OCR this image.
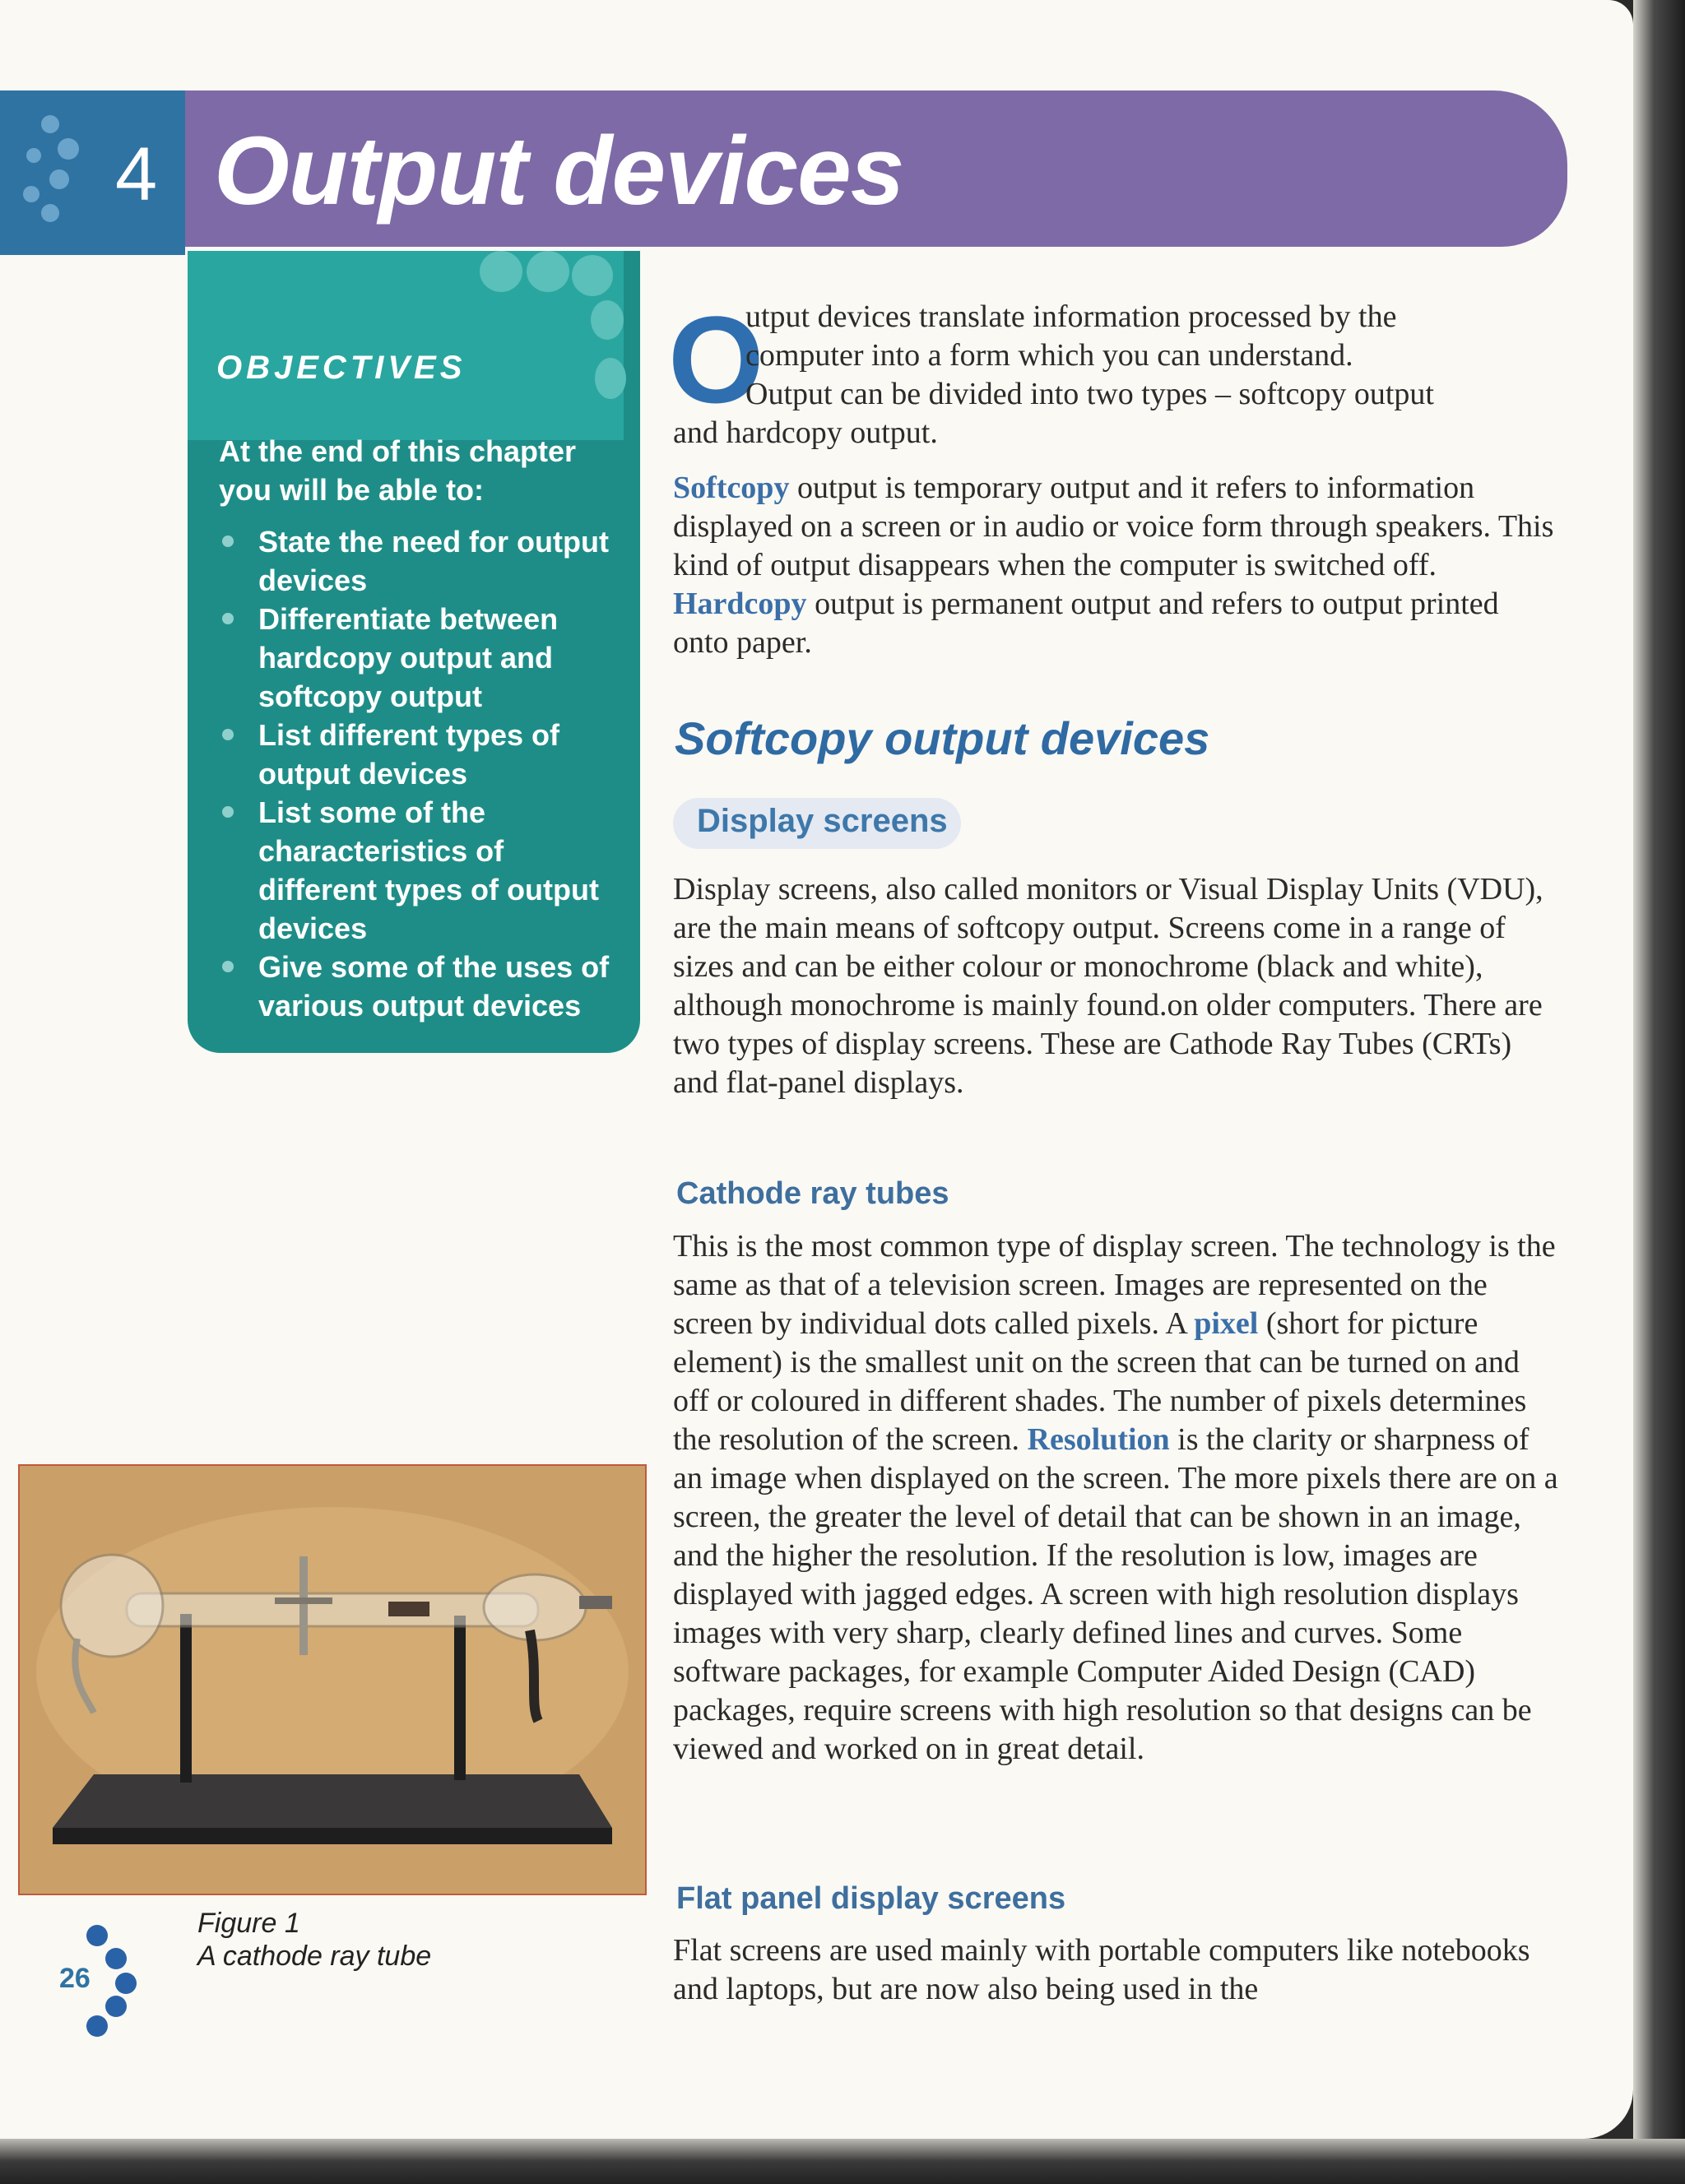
4 Output devices
OBJECTIVES
At the end of this chapter you will be able to:
State the need for output devices
Differentiate between hardcopy output and softcopy output
List different types of output devices
List some of the characteristics of different types of output devices
Give some of the uses of various output devices
Figure 1
A cathode ray tube
26
O

utput devices translate information processed by the

computer into a form which you can understand.

Output can be divided into two types – softcopy output

and hardcopy output.

Softcopy output is temporary output and it refers to information displayed on a screen or in audio or voice form through speakers. This kind of output disappears when the computer is switched off. Hardcopy output is permanent output and refers to output printed onto paper.

Softcopy output devices
Display screens

Display screens, also called monitors or Visual Display Units (VDU), are the main means of softcopy output. Screens come in a range of sizes and can be either colour or monochrome (black and white), although monochrome is mainly found.on older computers. There are two types of display screens. These are Cathode Ray Tubes (CRTs) and flat-panel displays.

Cathode ray tubes

This is the most common type of display screen. The technology is the same as that of a television screen. Images are represented on the screen by individual dots called pixels. A pixel (short for picture element) is the smallest unit on the screen that can be turned on and off or coloured in different shades. The number of pixels determines the resolution of the screen. Resolution is the clarity or sharpness of an image when displayed on the screen. The more pixels there are on a screen, the greater the level of detail that can be shown in an image, and the higher the resolution. If the resolution is low, images are displayed with jagged edges. A screen with high resolution displays images with very sharp, clearly defined lines and curves. Some software packages, for example Computer Aided Design (CAD) packages, require screens with high resolution so that designs can be viewed and worked on in great detail.

Flat panel display screens

Flat screens are used mainly with portable computers like notebooks and laptops, but are now also being used in the
